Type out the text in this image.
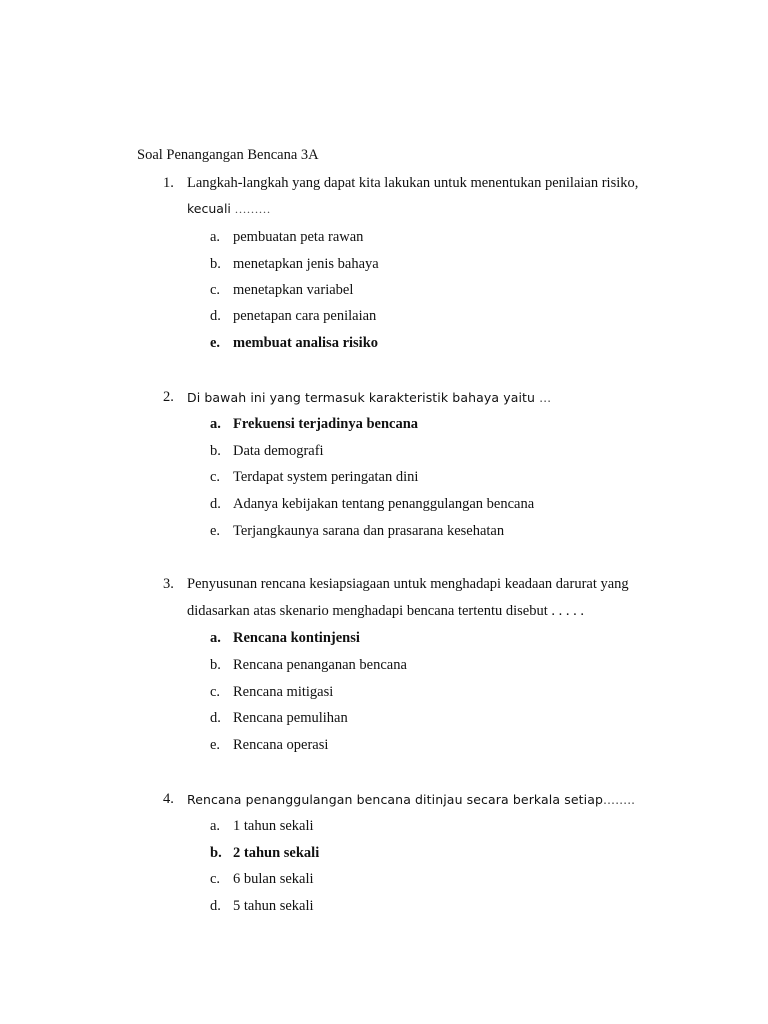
Soal Penangangan Bencana 3A
1. Langkah-langkah yang dapat kita lakukan untuk menentukan penilaian risiko,
kecuali ………
a. pembuatan peta rawan
b. menetapkan jenis bahaya
c. menetapkan variabel
d. penetapan cara penilaian
e. membuat analisa risiko
2. Di bawah ini yang termasuk karakteristik bahaya yaitu …
a. Frekuensi terjadinya bencana
b. Data demografi
c. Terdapat system peringatan dini
d. Adanya kebijakan tentang penanggulangan bencana
e. Terjangkaunya sarana dan prasarana kesehatan
3. Penyusunan rencana kesiapsiagaan untuk menghadapi keadaan darurat yang
didasarkan atas skenario menghadapi bencana tertentu disebut . . . . .
a. Rencana kontinjensi
b. Rencana penanganan bencana
c. Rencana mitigasi
d. Rencana pemulihan
e. Rencana operasi
4. Rencana penanggulangan bencana ditinjau secara berkala setiap……..
a. 1 tahun sekali
b. 2 tahun sekali
c. 6 bulan sekali
d. 5 tahun sekali
